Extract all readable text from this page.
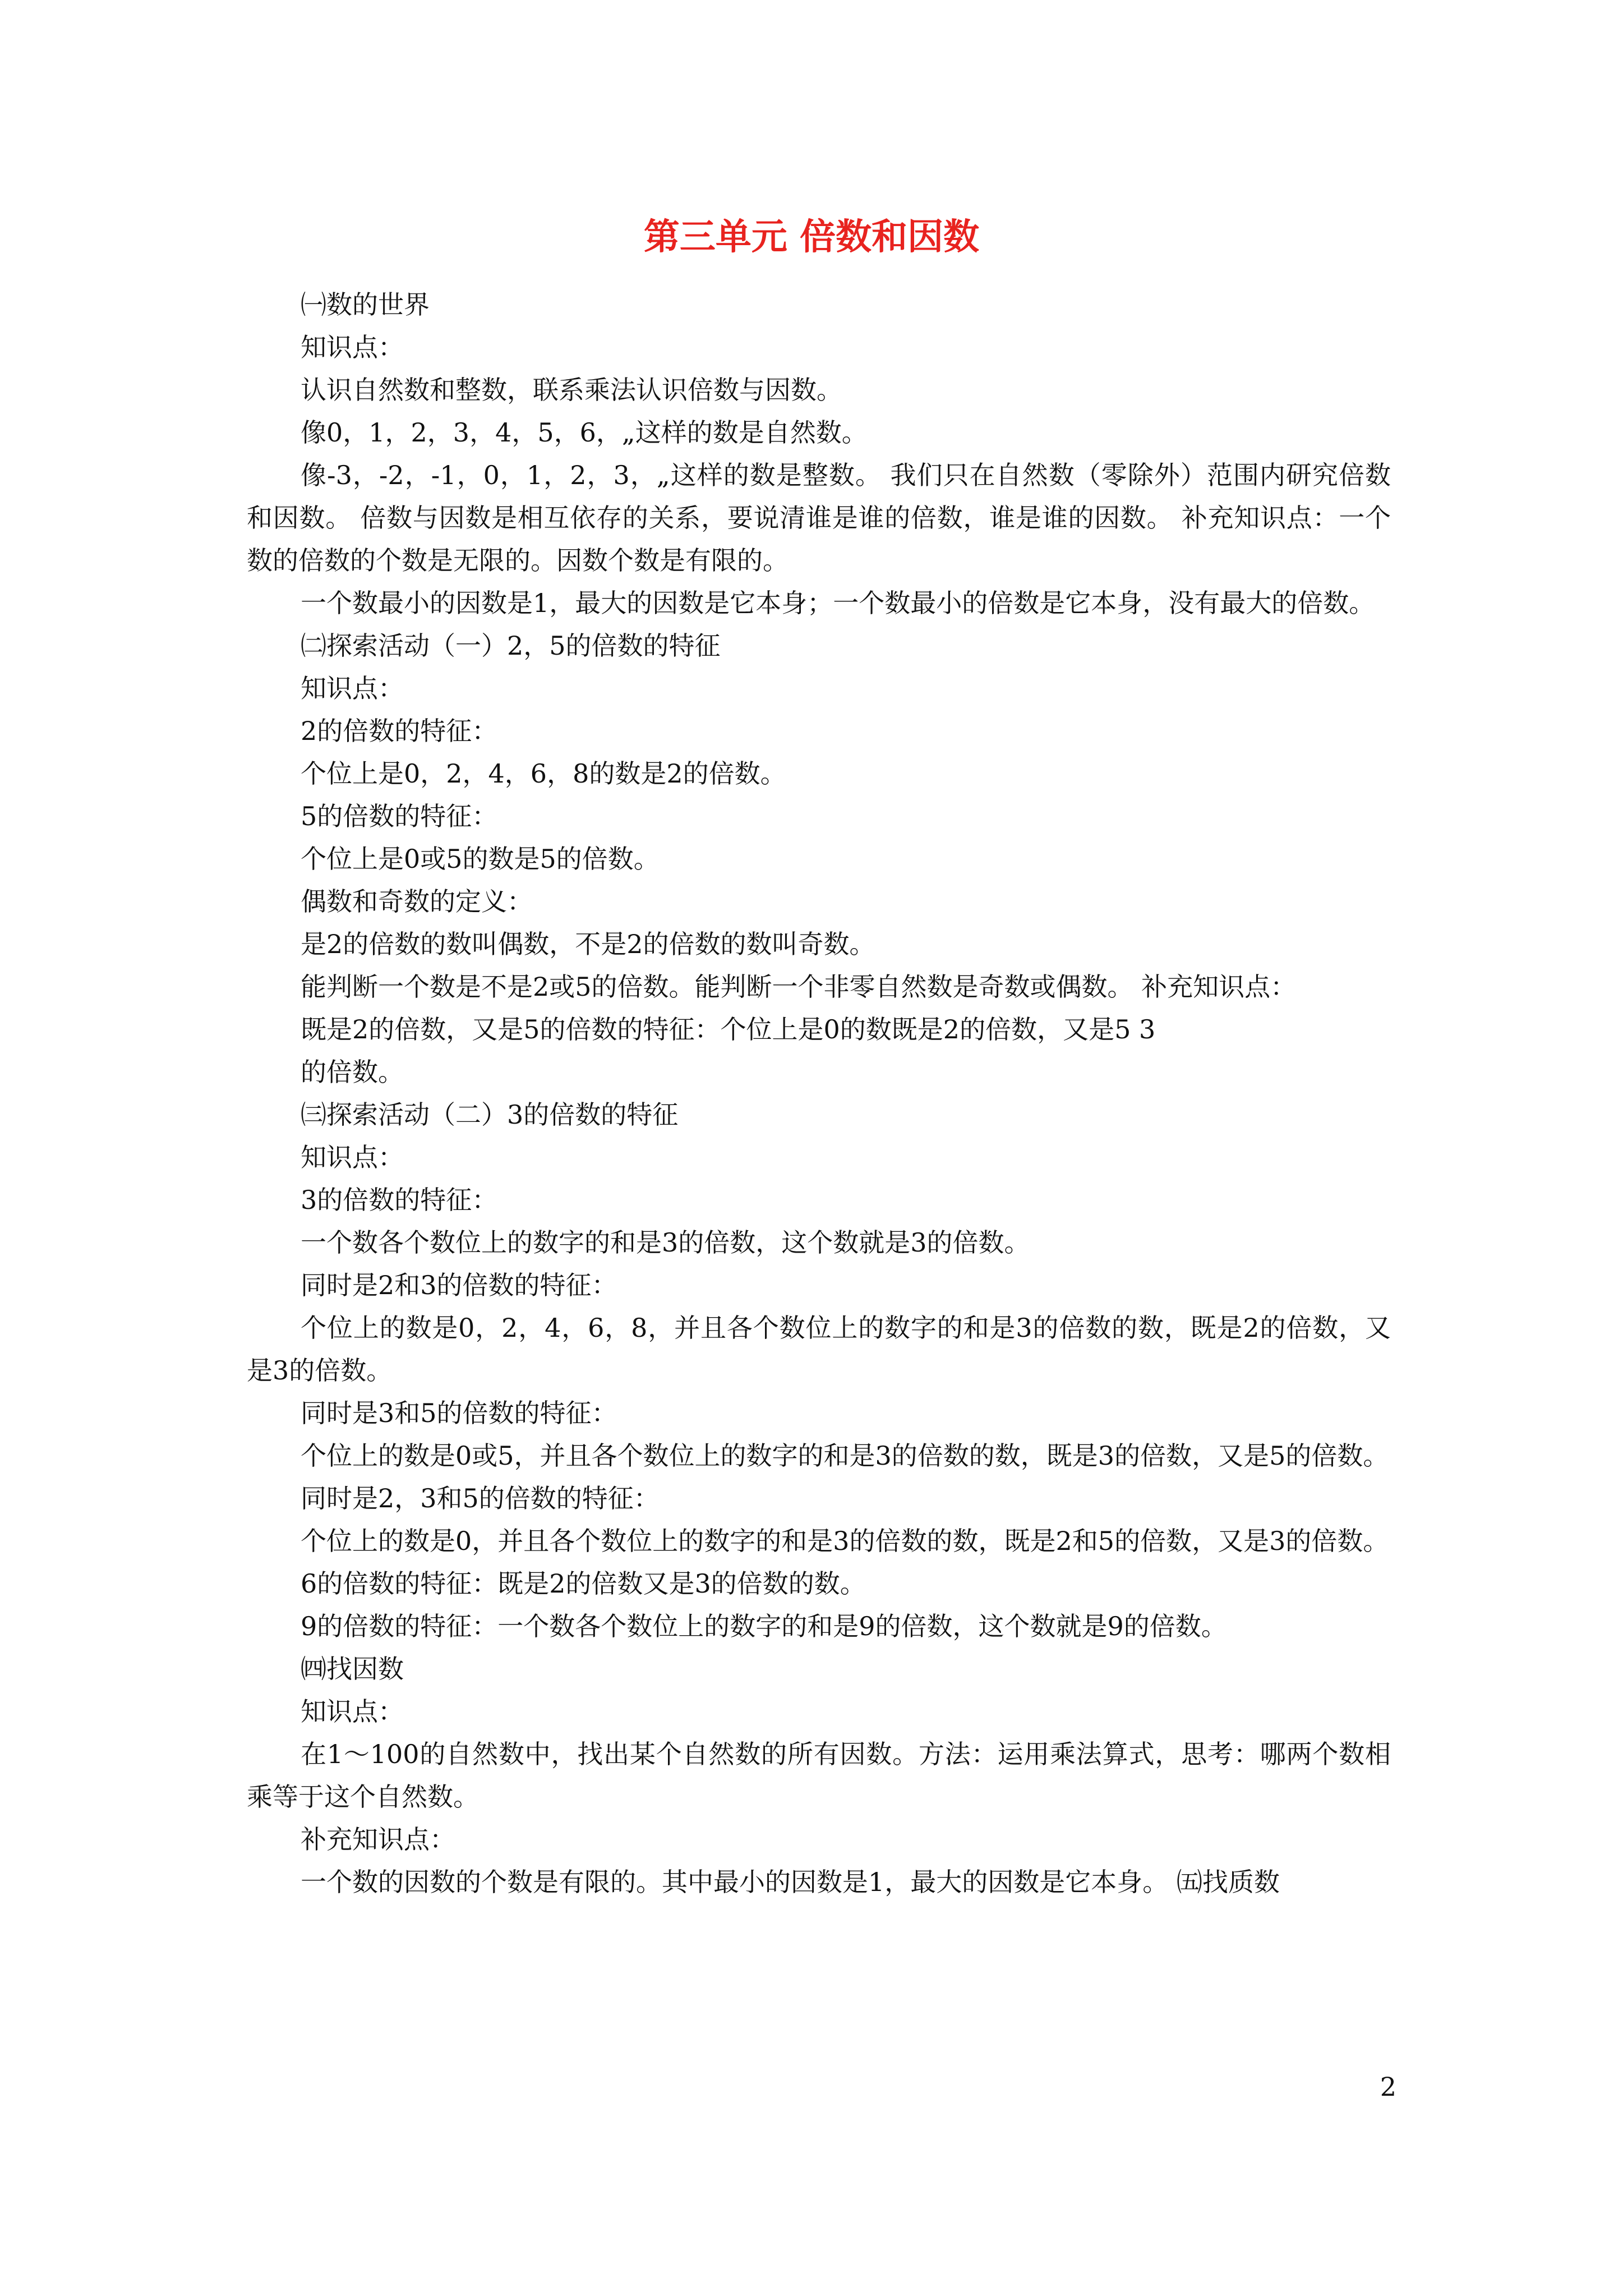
第三单元 倍数和因数

㈠数的世界

知识点：

认识自然数和整数，联系乘法认识倍数与因数。

像0，1，2，3，4，5，6，„这样的数是自然数。

像-3，-2，-1，0，1，2，3，„这样的数是整数。 我们只在自然数（零除外）范围内研究倍数和因数。 倍数与因数是相互依存的关系，要说清谁是谁的倍数，谁是谁的因数。 补充知识点：一个数的倍数的个数是无限的。因数个数是有限的。

一个数最小的因数是1，最大的因数是它本身；一个数最小的倍数是它本身，没有最大的倍数。

㈡探索活动（一）2，5的倍数的特征

知识点：

2的倍数的特征：

个位上是0，2，4，6，8的数是2的倍数。

5的倍数的特征：

个位上是0或5的数是5的倍数。

偶数和奇数的定义：

是2的倍数的数叫偶数，不是2的倍数的数叫奇数。

能判断一个数是不是2或5的倍数。能判断一个非零自然数是奇数或偶数。 补充知识点：

既是2的倍数，又是5的倍数的特征：个位上是0的数既是2的倍数，又是5 3

的倍数。

㈢探索活动（二）3的倍数的特征

知识点：

3的倍数的特征：

一个数各个数位上的数字的和是3的倍数，这个数就是3的倍数。

同时是2和3的倍数的特征：

个位上的数是0，2，4，6，8，并且各个数位上的数字的和是3的倍数的数，既是2的倍数，又是3的倍数。

同时是3和5的倍数的特征：

个位上的数是0或5，并且各个数位上的数字的和是3的倍数的数，既是3的倍数，又是5的倍数。

同时是2，3和5的倍数的特征：

个位上的数是0，并且各个数位上的数字的和是3的倍数的数，既是2和5的倍数，又是3的倍数。

6的倍数的特征：既是2的倍数又是3的倍数的数。

9的倍数的特征：一个数各个数位上的数字的和是9的倍数，这个数就是9的倍数。

㈣找因数

知识点：

在1～100的自然数中，找出某个自然数的所有因数。方法：运用乘法算式，思考：哪两个数相乘等于这个自然数。

补充知识点：

一个数的因数的个数是有限的。其中最小的因数是1，最大的因数是它本身。 ㈤找质数

2
